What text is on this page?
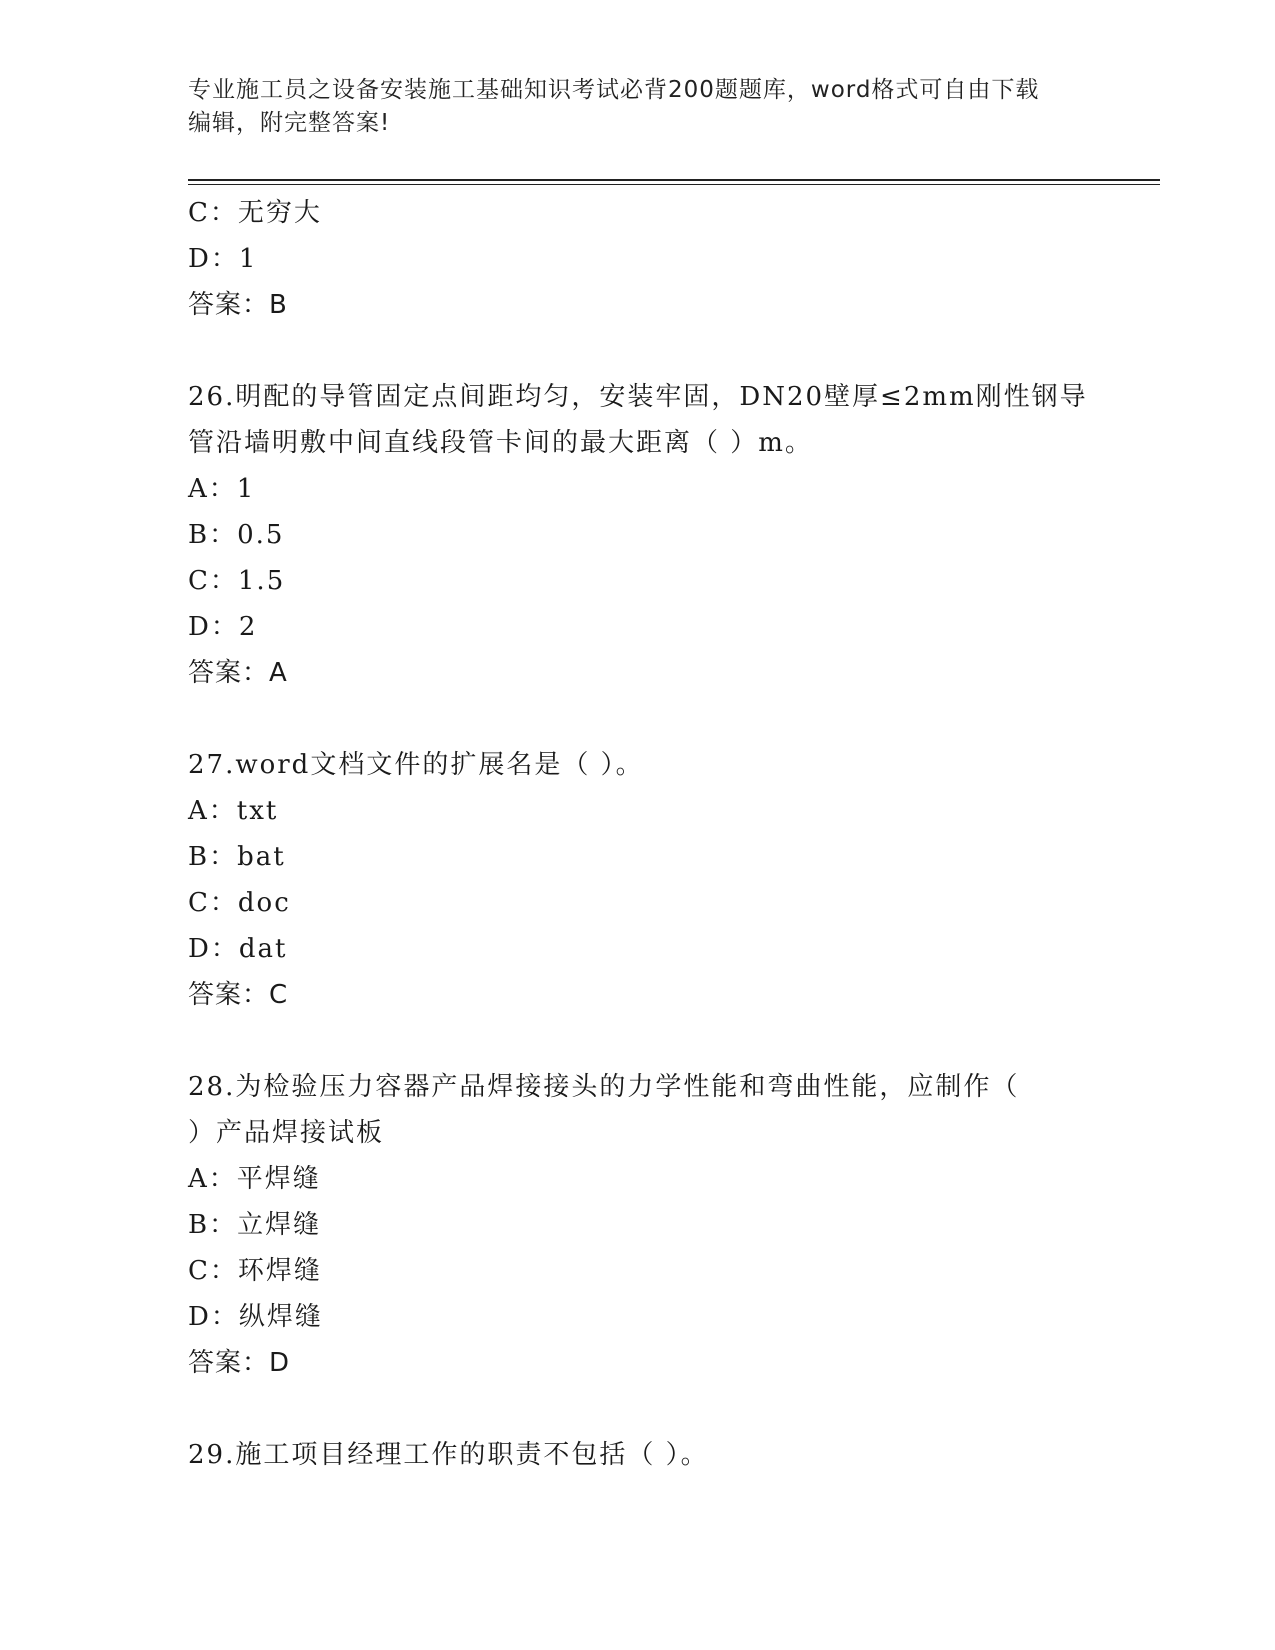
专业施工员之设备安装施工基础知识考试必背200题题库，word格式可自由下载
编辑，附完整答案!
C：无穷大
D：1
答案：B
26.明配的导管固定点间距均匀，安装牢固，DN20壁厚≤2mm刚性钢导
管沿墙明敷中间直线段管卡间的最大距离（ ）m。
A：1
B：0.5
C：1.5
D：2
答案：A
27.word文档文件的扩展名是（ ）。
A：txt
B：bat
C：doc
D：dat
答案：C
28.为检验压力容器产品焊接接头的力学性能和弯曲性能，应制作（
）产品焊接试板
A：平焊缝
B：立焊缝
C：环焊缝
D：纵焊缝
答案：D
29.施工项目经理工作的职责不包括（ ）。
